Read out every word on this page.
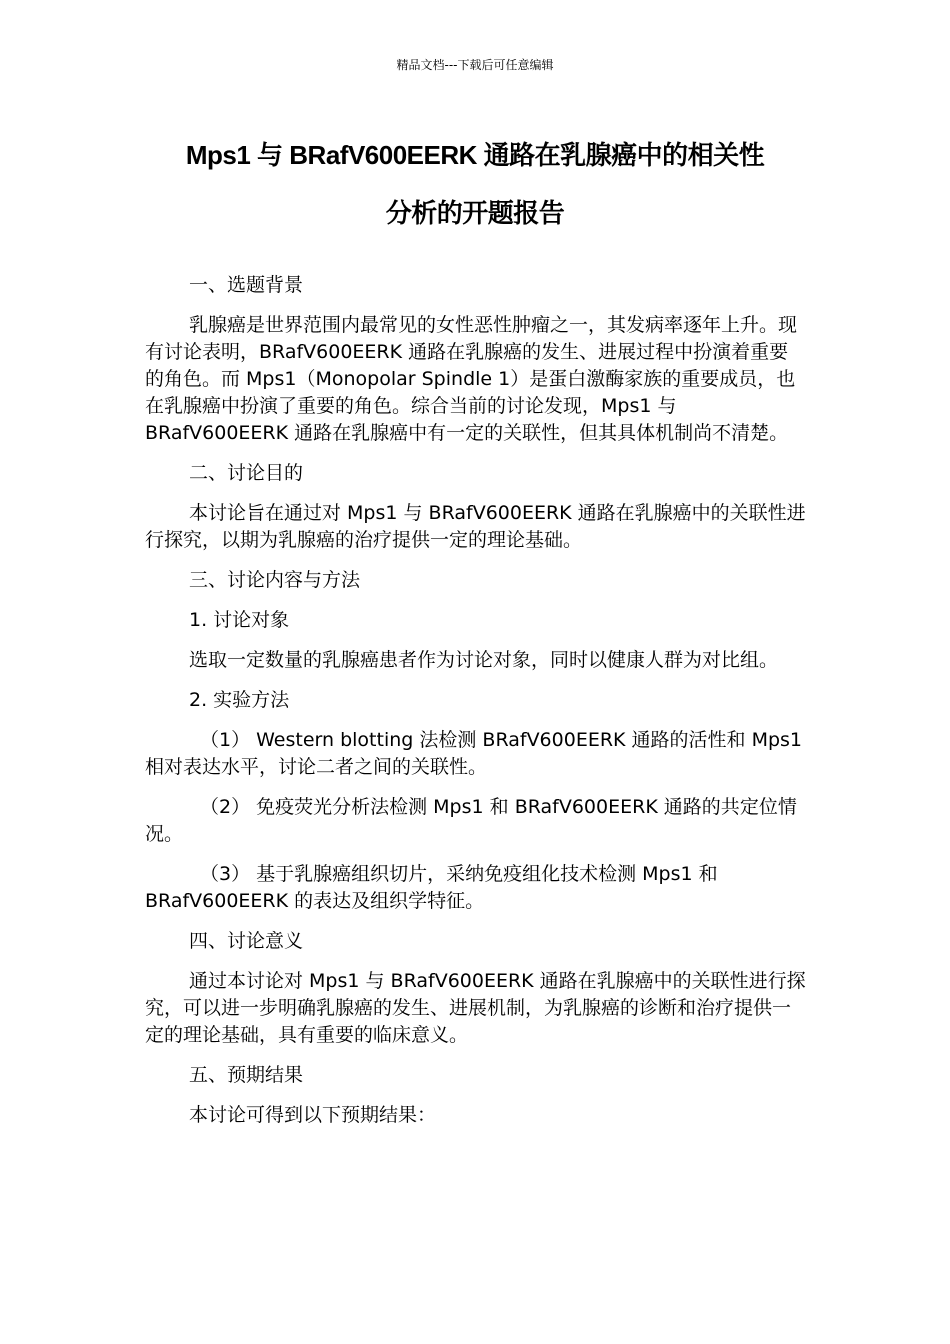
精品文档---下载后可任意编辑
Mps1 与 BRafV600EERK 通路在乳腺癌中的相关性
分析的开题报告

一、选题背景

乳腺癌是世界范围内最常见的女性恶性肿瘤之一，其发病率逐年上升。现有讨论表明，BRafV600EERK 通路在乳腺癌的发生、进展过程中扮演着重要的角色。而 Mps1（Monopolar Spindle 1）是蛋白激酶家族的重要成员，也在乳腺癌中扮演了重要的角色。综合当前的讨论发现，Mps1 与 BRafV600EERK 通路在乳腺癌中有一定的关联性，但其具体机制尚不清楚。

二、讨论目的

本讨论旨在通过对 Mps1 与 BRafV600EERK 通路在乳腺癌中的关联性进行探究，以期为乳腺癌的治疗提供一定的理论基础。

三、讨论内容与方法

1. 讨论对象

选取一定数量的乳腺癌患者作为讨论对象，同时以健康人群为对比组。

2. 实验方法

（1） Western blotting 法检测 BRafV600EERK 通路的活性和 Mps1 相对表达水平，讨论二者之间的关联性。

（2） 免疫荧光分析法检测 Mps1 和 BRafV600EERK 通路的共定位情况。

（3） 基于乳腺癌组织切片，采纳免疫组化技术检测 Mps1 和 BRafV600EERK 的表达及组织学特征。

四、讨论意义

通过本讨论对 Mps1 与 BRafV600EERK 通路在乳腺癌中的关联性进行探究，可以进一步明确乳腺癌的发生、进展机制，为乳腺癌的诊断和治疗提供一定的理论基础，具有重要的临床意义。

五、预期结果

本讨论可得到以下预期结果：
